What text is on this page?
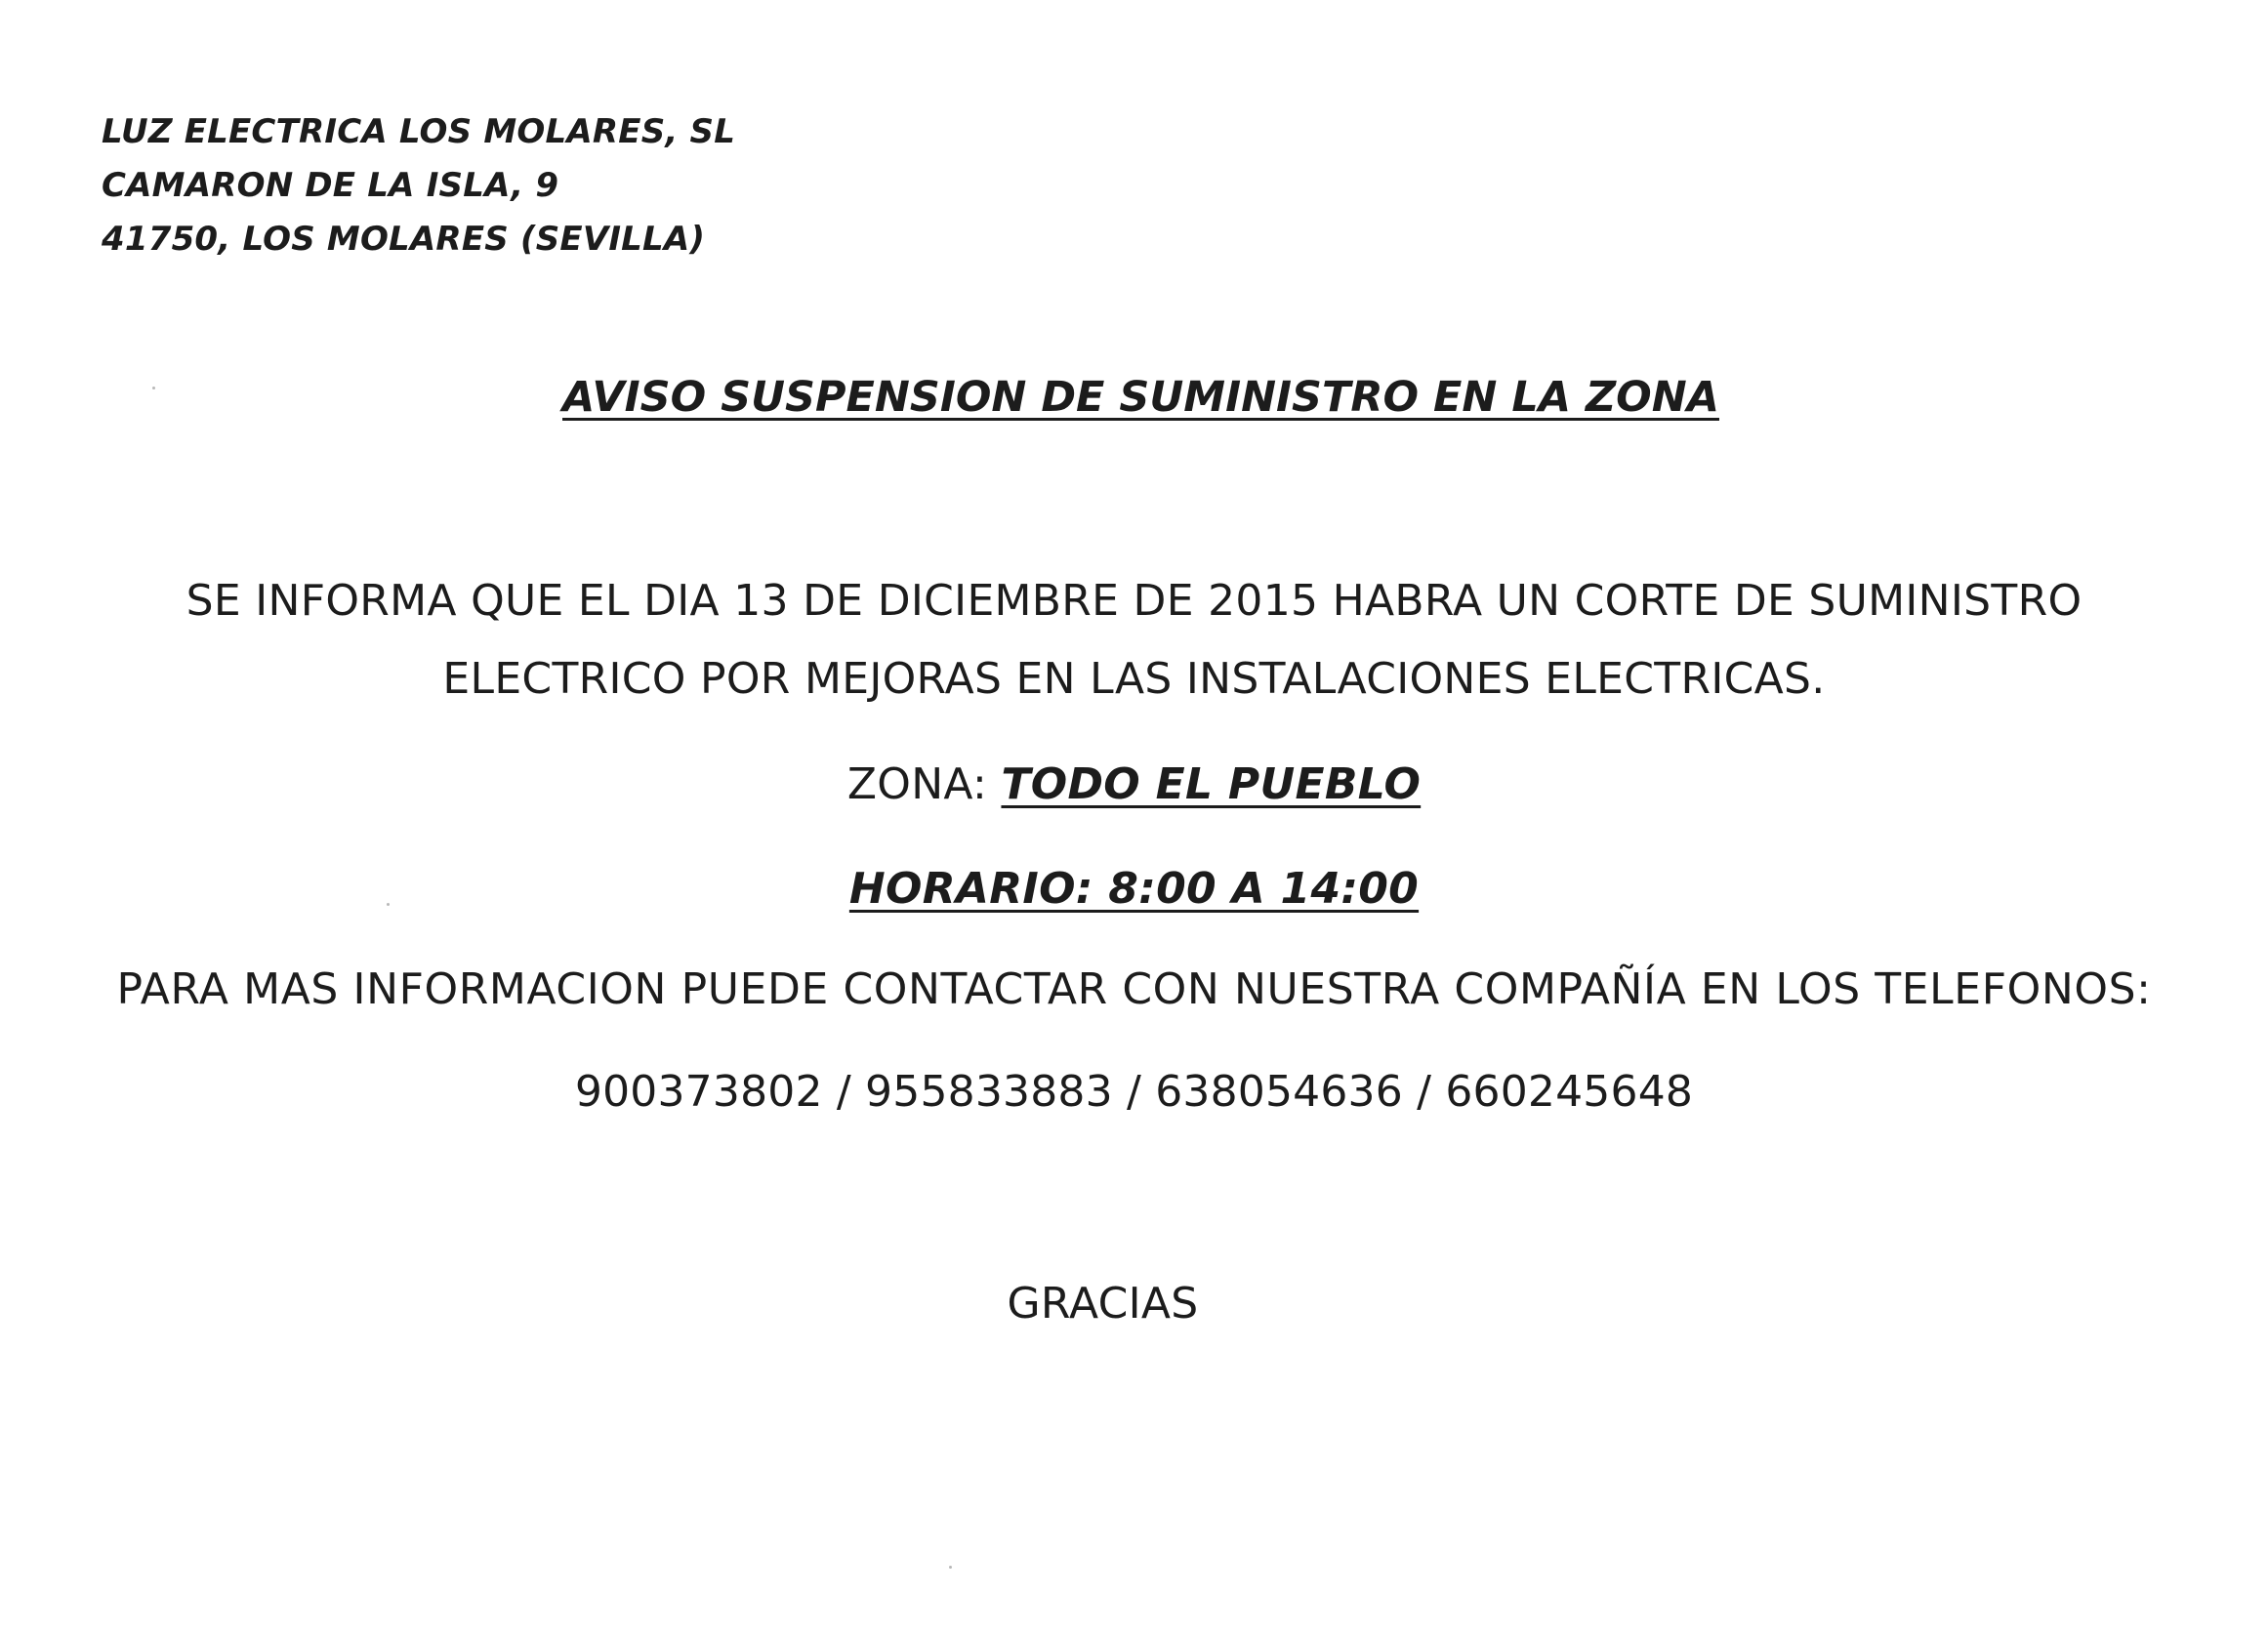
LUZ ELECTRICA LOS MOLARES, SL
CAMARON DE LA ISLA, 9
41750, LOS MOLARES (SEVILLA)
AVISO SUSPENSION DE SUMINISTRO EN LA ZONA
SE INFORMA QUE EL DIA 13 DE DICIEMBRE DE 2015 HABRA UN CORTE DE SUMINISTRO
ELECTRICO POR MEJORAS EN LAS INSTALACIONES ELECTRICAS.
ZONA: TODO EL PUEBLO
HORARIO: 8:00 A 14:00
PARA MAS INFORMACION PUEDE CONTACTAR CON NUESTRA COMPAÑÍA EN LOS TELEFONOS:
900373802 / 955833883 / 638054636 / 660245648
GRACIAS
